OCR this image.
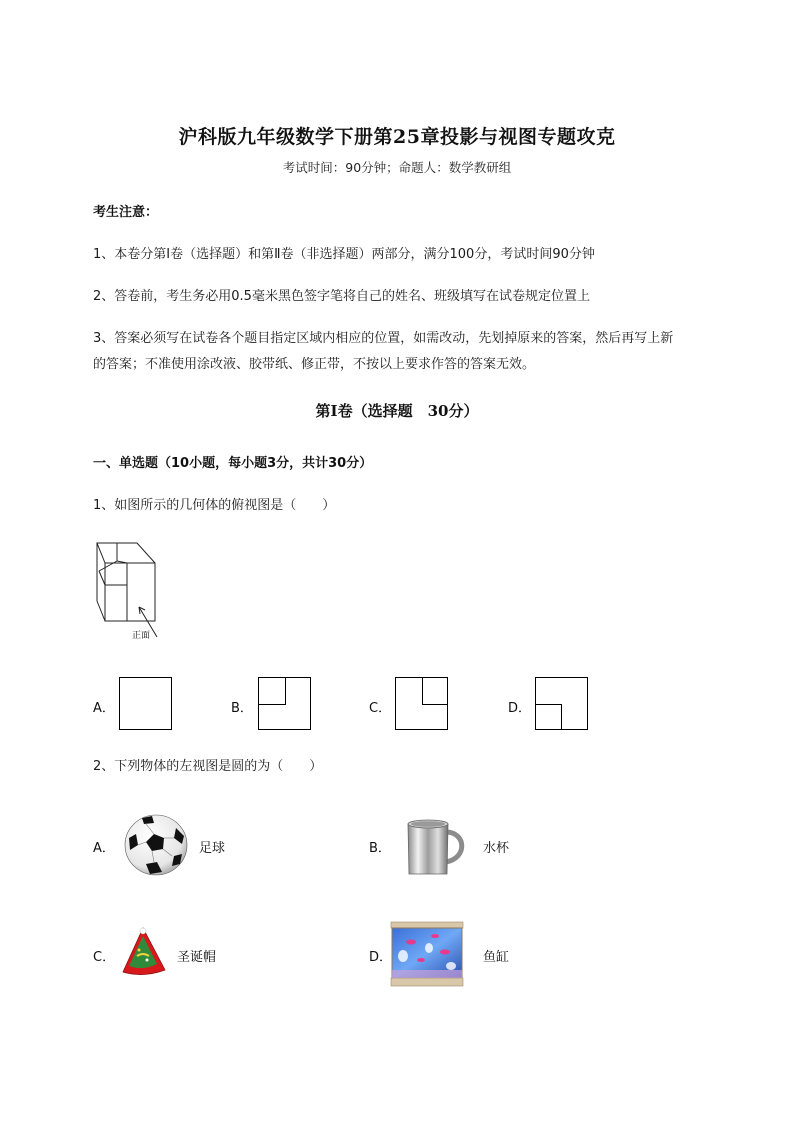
沪科版九年级数学下册第25章投影与视图专题攻克
考试时间：90分钟；命题人：数学教研组
考生注意：
1、本卷分第I卷（选择题）和第Ⅱ卷（非选择题）两部分，满分100分，考试时间90分钟
2、答卷前，考生务必用0.5毫米黑色签字笔将自己的姓名、班级填写在试卷规定位置上
3、答案必须写在试卷各个题目指定区域内相应的位置，如需改动，先划掉原来的答案，然后再写上新
的答案；不准使用涂改液、胶带纸、修正带，不按以上要求作答的答案无效。
第I卷（选择题　30分）
一、单选题（10小题，每小题3分，共计30分）
1、如图所示的几何体的俯视图是（　　）
正面
A．	B．	C．	D．
2、下列物体的左视图是圆的为（　　）
A．	足球	B．	水杯
C．	圣诞帽	D．	鱼缸
